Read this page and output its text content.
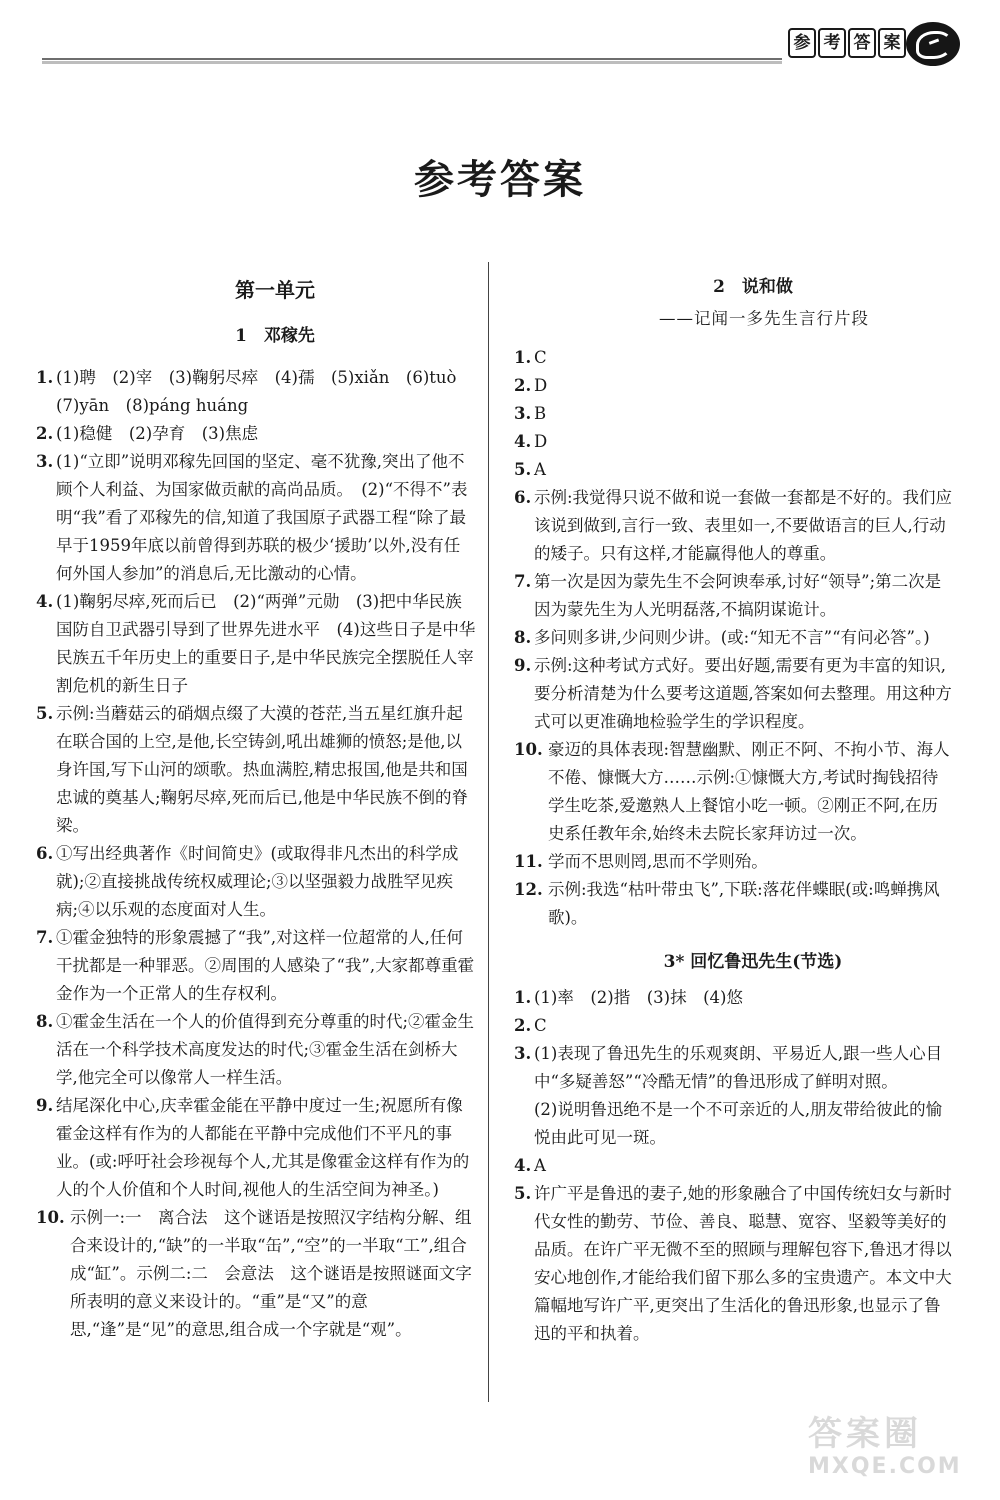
参 考 答 案
参考答案
第一单元
1　邓稼先
1. (1)聘　(2)宰　(3)鞠躬尽瘁　(4)孺　(5)xiǎn　(6)tuò　(7)yān　(8)páng huáng
2. (1)稳健　(2)孕育　(3)焦虑
3. (1)“立即”说明邓稼先回国的坚定、毫不犹豫,突出了他不顾个人利益、为国家做贡献的高尚品质。　(2)“不得不”表明“我”看了邓稼先的信,知道了我国原子武器工程“除了最早于1959年底以前曾得到苏联的极少‘援助’以外,没有任何外国人参加”的消息后,无比激动的心情。
4. (1)鞠躬尽瘁,死而后已　(2)“两弹”元勋　(3)把中华民族国防自卫武器引导到了世界先进水平　(4)这些日子是中华民族五千年历史上的重要日子,是中华民族完全摆脱任人宰割危机的新生日子
5. 示例:当蘑菇云的硝烟点缀了大漠的苍茫,当五星红旗升起在联合国的上空,是他,长空铸剑,吼出雄狮的愤怒;是他,以身许国,写下山河的颂歌。热血满腔,精忠报国,他是共和国忠诚的奠基人;鞠躬尽瘁,死而后已,他是中华民族不倒的脊梁。
6. ①写出经典著作《时间简史》(或取得非凡杰出的科学成就);②直接挑战传统权威理论;③以坚强毅力战胜罕见疾病;④以乐观的态度面对人生。
7. ①霍金独特的形象震撼了“我”,对这样一位超常的人,任何干扰都是一种罪恶。②周围的人感染了“我”,大家都尊重霍金作为一个正常人的生存权利。
8. ①霍金生活在一个人的价值得到充分尊重的时代;②霍金生活在一个科学技术高度发达的时代;③霍金生活在剑桥大学,他完全可以像常人一样生活。
9. 结尾深化中心,庆幸霍金能在平静中度过一生;祝愿所有像霍金这样有作为的人都能在平静中完成他们不平凡的事业。(或:呼吁社会珍视每个人,尤其是像霍金这样有作为的人的个人价值和个人时间,视他人的生活空间为神圣。)
10. 示例一:一　离合法　这个谜语是按照汉字结构分解、组合来设计的,“缺”的一半取“缶”,“空”的一半取“工”,组合成“缸”。示例二:二　会意法　这个谜语是按照谜面文字所表明的意义来设计的。“重”是“又”的意思,“逢”是“见”的意思,组合成一个字就是“观”。
2　说和做
——记闻一多先生言行片段
1. C
2. D
3. B
4. D
5. A
6. 示例:我觉得只说不做和说一套做一套都是不好的。我们应该说到做到,言行一致、表里如一,不要做语言的巨人,行动的矮子。只有这样,才能赢得他人的尊重。
7. 第一次是因为蒙先生不会阿谀奉承,讨好“领导”;第二次是因为蒙先生为人光明磊落,不搞阴谋诡计。
8. 多问则多讲,少问则少讲。(或:“知无不言”“有问必答”。)
9. 示例:这种考试方式好。要出好题,需要有更为丰富的知识,要分析清楚为什么要考这道题,答案如何去整理。用这种方式可以更准确地检验学生的学识程度。
10. 豪迈的具体表现:智慧幽默、刚正不阿、不拘小节、海人不倦、慷慨大方……示例:①慷慨大方,考试时掏钱招待学生吃茶,爱邀熟人上餐馆小吃一顿。②刚正不阿,在历史系任教年余,始终未去院长家拜访过一次。
11. 学而不思则罔,思而不学则殆。
12. 示例:我选“枯叶带虫飞”,下联:落花伴蝶眠(或:鸣蝉携风歌)。
3* 回忆鲁迅先生(节选)
1. (1)率　(2)揩　(3)抹　(4)悠
2. C
3. (1)表现了鲁迅先生的乐观爽朗、平易近人,跟一些人心目中“多疑善怒”“冷酷无情”的鲁迅形成了鲜明对照。
(2)说明鲁迅绝不是一个不可亲近的人,朋友带给彼此的愉悦由此可见一斑。
4. A
5. 许广平是鲁迅的妻子,她的形象融合了中国传统妇女与新时代女性的勤劳、节俭、善良、聪慧、宽容、坚毅等美好的品质。在许广平无微不至的照顾与理解包容下,鲁迅才得以安心地创作,才能给我们留下那么多的宝贵遗产。本文中大篇幅地写许广平,更突出了生活化的鲁迅形象,也显示了鲁迅的平和执着。
答案圈
MXQE.COM
